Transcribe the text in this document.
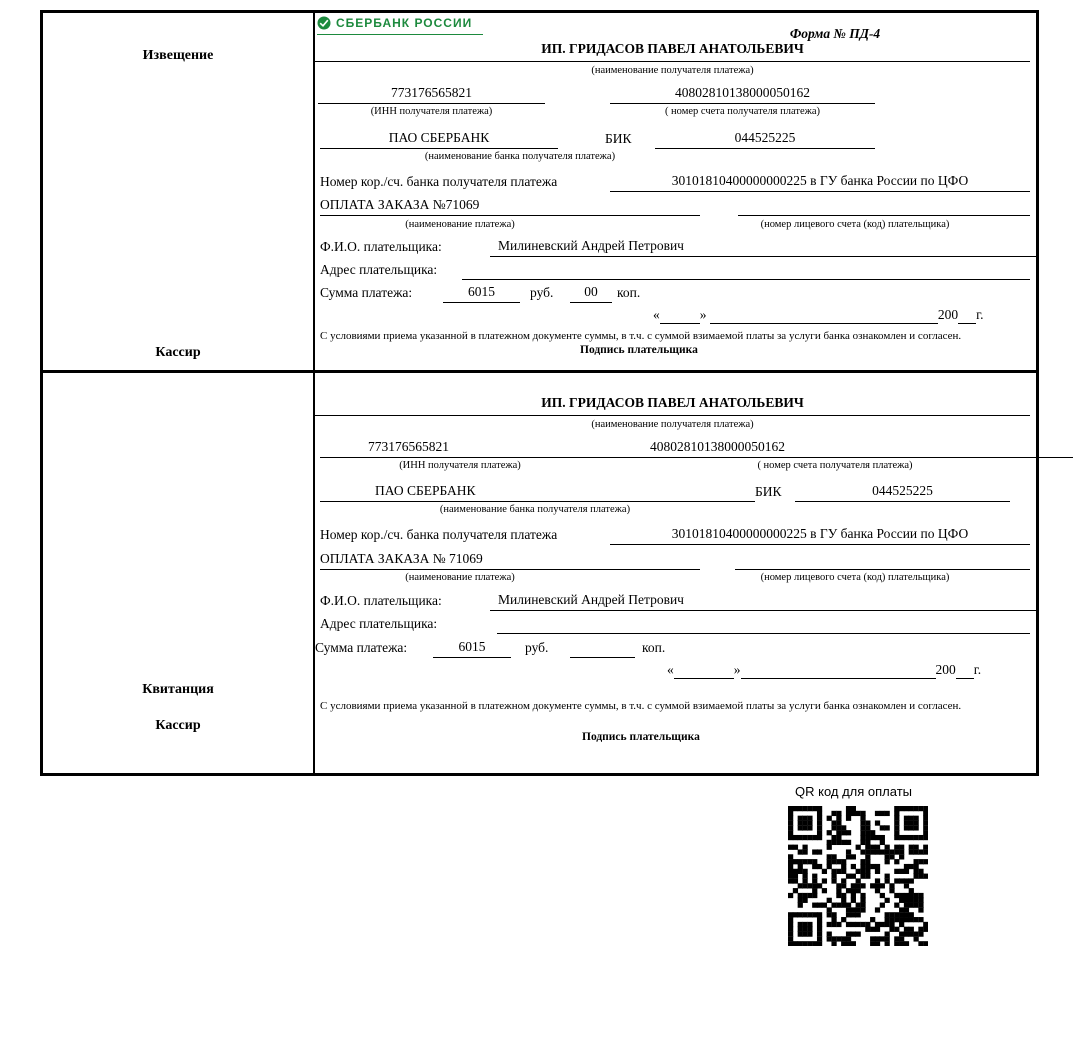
Извещение
Кассир
Квитанция
Кассир
СБЕРБАНК РОССИИ
Форма № ПД-4
ИП. ГРИДАСОВ ПАВЕЛ АНАТОЛЬЕВИЧ
(наименование получателя платежа)
773176565821	40802810138000050162
(ИНН получателя платежа)	( номер счета получателя платежа)
ПАО СБЕРБАНК	БИК	044525225
(наименование банка получателя платежа)
Номер кор./сч. банка получателя платежа	30101810400000000225 в ГУ банка России по ЦФО
ОПЛАТА ЗАКАЗА №71069
(наименование платежа)	(номер лицевого счета (код) плательщика)
Ф.И.О. плательщика:	Милиневский Андрей Петрович
Адрес плательщика:
Сумма платежа:	6015	руб.	00	коп.
«	»	200 г.
С условиями приема указанной в платежном документе суммы, в т.ч. с суммой взимаемой платы за услуги банка ознакомлен и согласен.
Подпись плательщика
ИП. ГРИДАСОВ ПАВЕЛ АНАТОЛЬЕВИЧ
(наименование получателя платежа)
773176565821	40802810138000050162
(ИНН получателя платежа)	( номер счета получателя платежа)
ПАО СБЕРБАНК	БИК	044525225
(наименование банка получателя платежа)
Номер кор./сч. банка получателя платежа	30101810400000000225 в ГУ банка России по ЦФО
ОПЛАТА ЗАКАЗА № 71069
(наименование платежа)	(номер лицевого счета (код) плательщика)
Ф.И.О. плательщика:	Милиневский Андрей Петрович
Адрес плательщика:
Сумма платежа:	6015	руб.	коп.
«	»	200 г.
С условиями приема указанной в платежном документе суммы, в т.ч. с суммой взимаемой платы за услуги банка ознакомлен и согласен.
Подпись плательщика
QR код для оплаты
